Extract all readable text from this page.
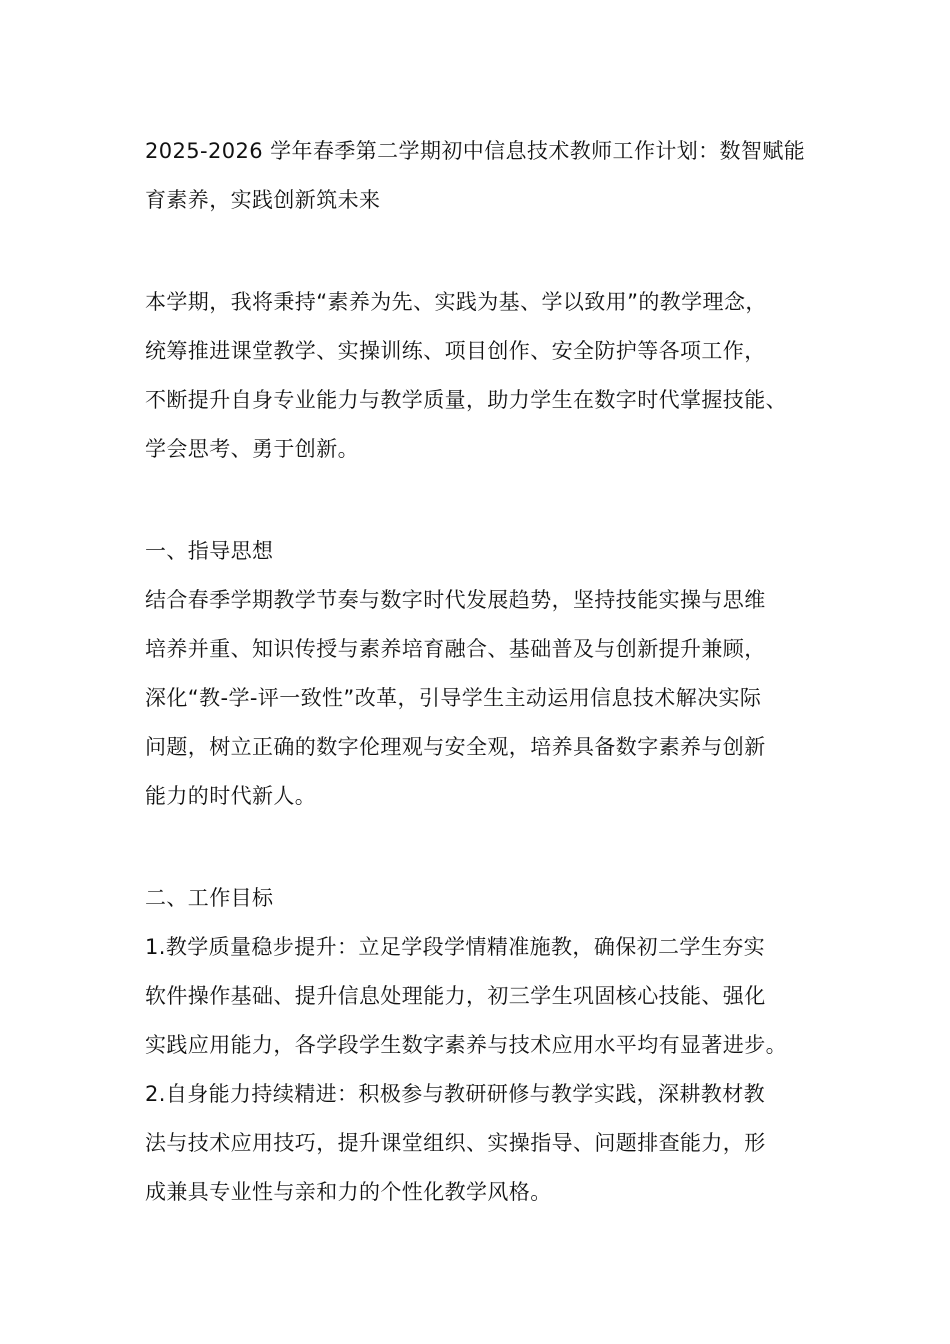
2025-2026 学年春季第二学期初中信息技术教师工作计划：数智赋能
育素养，实践创新筑未来
本学期，我将秉持“素养为先、实践为基、学以致用”的教学理念，
统筹推进课堂教学、实操训练、项目创作、安全防护等各项工作，
不断提升自身专业能力与教学质量，助力学生在数字时代掌握技能、
学会思考、勇于创新。
一、指导思想
结合春季学期教学节奏与数字时代发展趋势，坚持技能实操与思维
培养并重、知识传授与素养培育融合、基础普及与创新提升兼顾，
深化“教-学-评一致性”改革，引导学生主动运用信息技术解决实际
问题，树立正确的数字伦理观与安全观，培养具备数字素养与创新
能力的时代新人。
二、工作目标
1.教学质量稳步提升：立足学段学情精准施教，确保初二学生夯实
软件操作基础、提升信息处理能力，初三学生巩固核心技能、强化
实践应用能力，各学段学生数字素养与技术应用水平均有显著进步。
2.自身能力持续精进：积极参与教研研修与教学实践，深耕教材教
法与技术应用技巧，提升课堂组织、实操指导、问题排查能力，形
成兼具专业性与亲和力的个性化教学风格。
